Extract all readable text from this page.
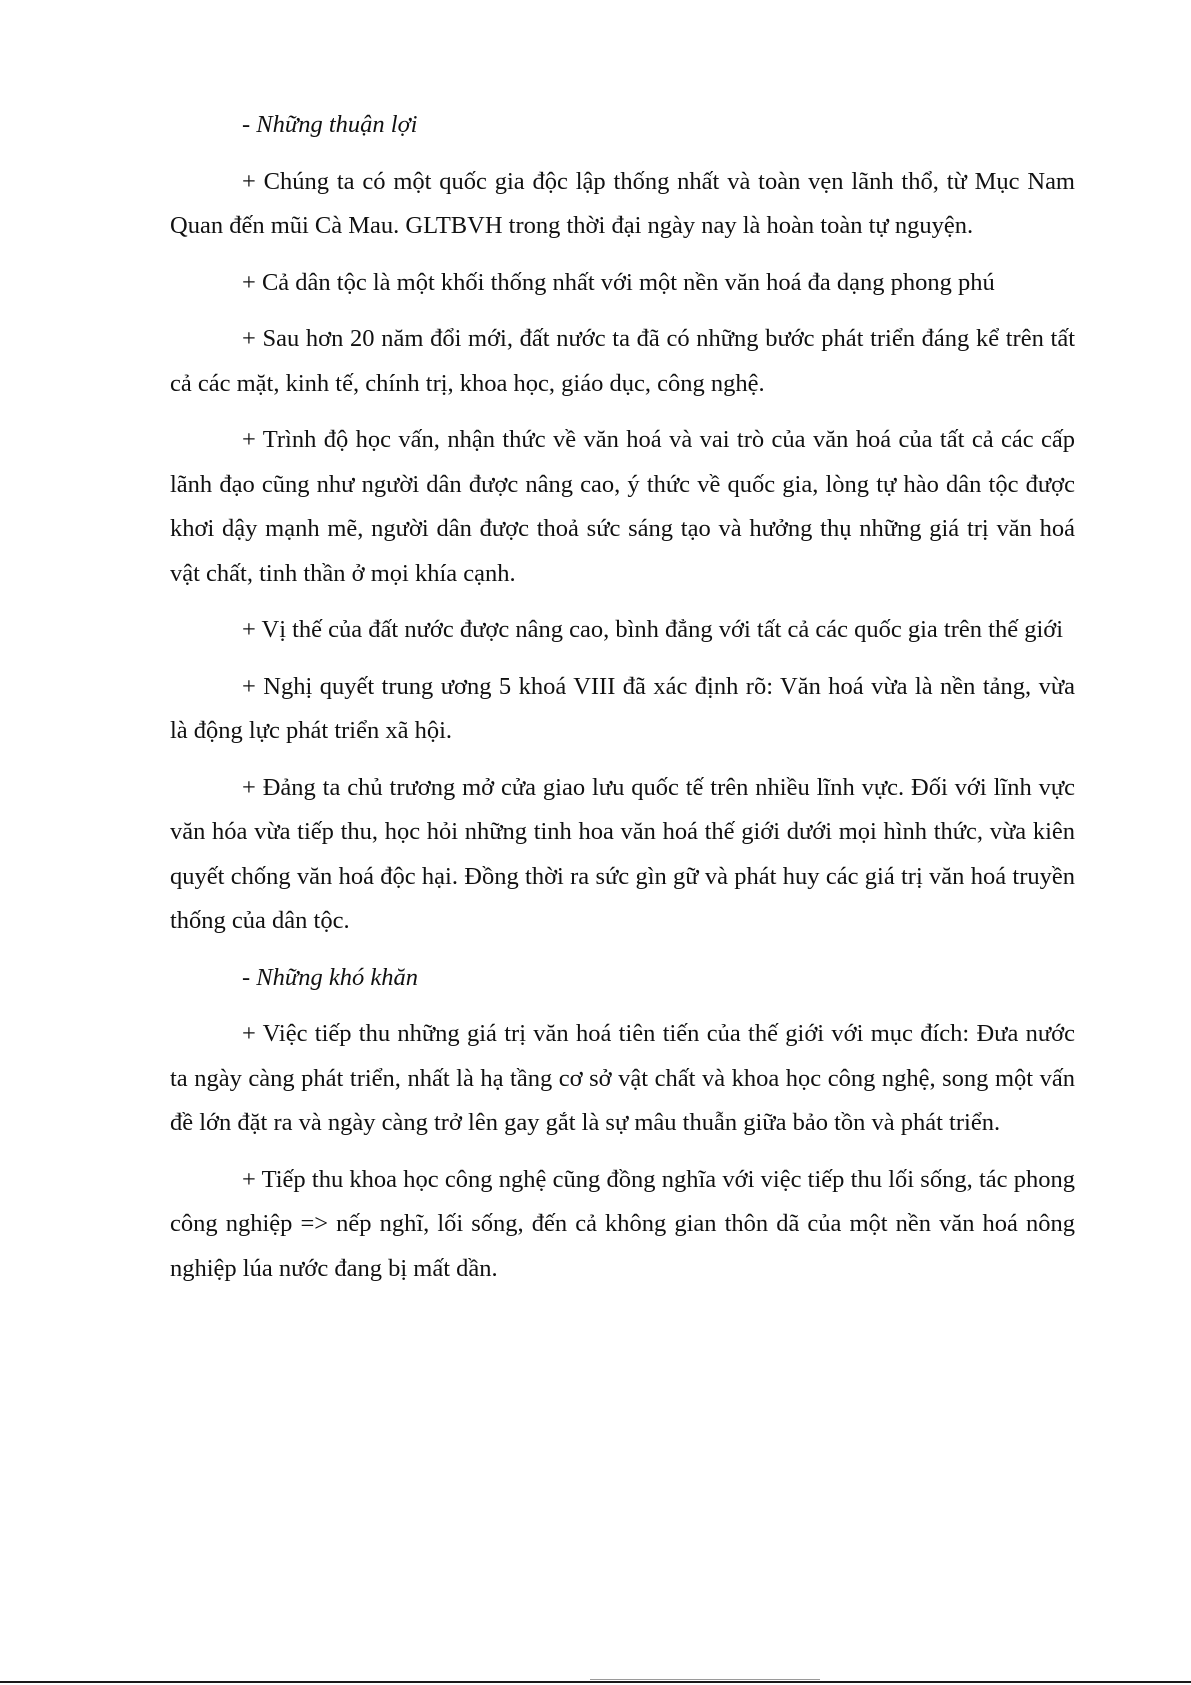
- Những thuận lợi

+ Chúng ta có một quốc gia độc lập thống nhất và toàn vẹn lãnh thổ, từ Mục Nam Quan đến mũi Cà Mau. GLTBVH trong thời đại ngày nay là hoàn toàn tự nguyện.

+ Cả dân tộc là một khối thống nhất với một nền văn hoá đa dạng phong phú

+ Sau hơn 20 năm đổi mới, đất nước ta đã có những bước phát triển đáng kể trên tất cả các mặt, kinh tế, chính trị, khoa học, giáo dục, công nghệ.

+ Trình độ học vấn, nhận thức về văn hoá và vai trò của văn hoá của tất cả các cấp lãnh đạo cũng như người dân được nâng cao, ý thức về quốc gia, lòng tự hào dân tộc được khơi dậy mạnh mẽ, người dân được thoả sức sáng tạo và hưởng thụ những giá trị văn hoá vật chất, tinh thần ở mọi khía cạnh.

+ Vị thế của đất nước được nâng cao, bình đẳng với tất cả các quốc gia trên thế giới

+ Nghị quyết trung ương 5 khoá VIII đã xác định rõ: Văn hoá vừa là nền tảng, vừa là động lực phát triển xã hội.

+ Đảng ta chủ trương mở cửa giao lưu quốc tế trên nhiều lĩnh vực. Đối với lĩnh vực văn hóa vừa tiếp thu, học hỏi những tinh hoa văn hoá thế giới dưới mọi hình thức, vừa kiên quyết chống văn hoá độc hại. Đồng thời ra sức gìn gữ và phát huy các giá trị văn hoá truyền thống của dân tộc.

- Những khó khăn

+ Việc tiếp thu những giá trị văn hoá tiên tiến của thế giới với mục đích: Đưa nước ta ngày càng phát triển, nhất là hạ tầng cơ sở vật chất và khoa học công nghệ, song một vấn đề lớn đặt ra và ngày càng trở lên gay gắt là sự mâu thuẫn giữa bảo tồn và phát triển.

+ Tiếp thu khoa học công nghệ cũng đồng nghĩa với việc tiếp thu lối sống, tác phong công nghiệp => nếp nghĩ, lối sống, đến cả không gian thôn dã của một nền văn hoá nông nghiệp lúa nước đang bị mất dần.
